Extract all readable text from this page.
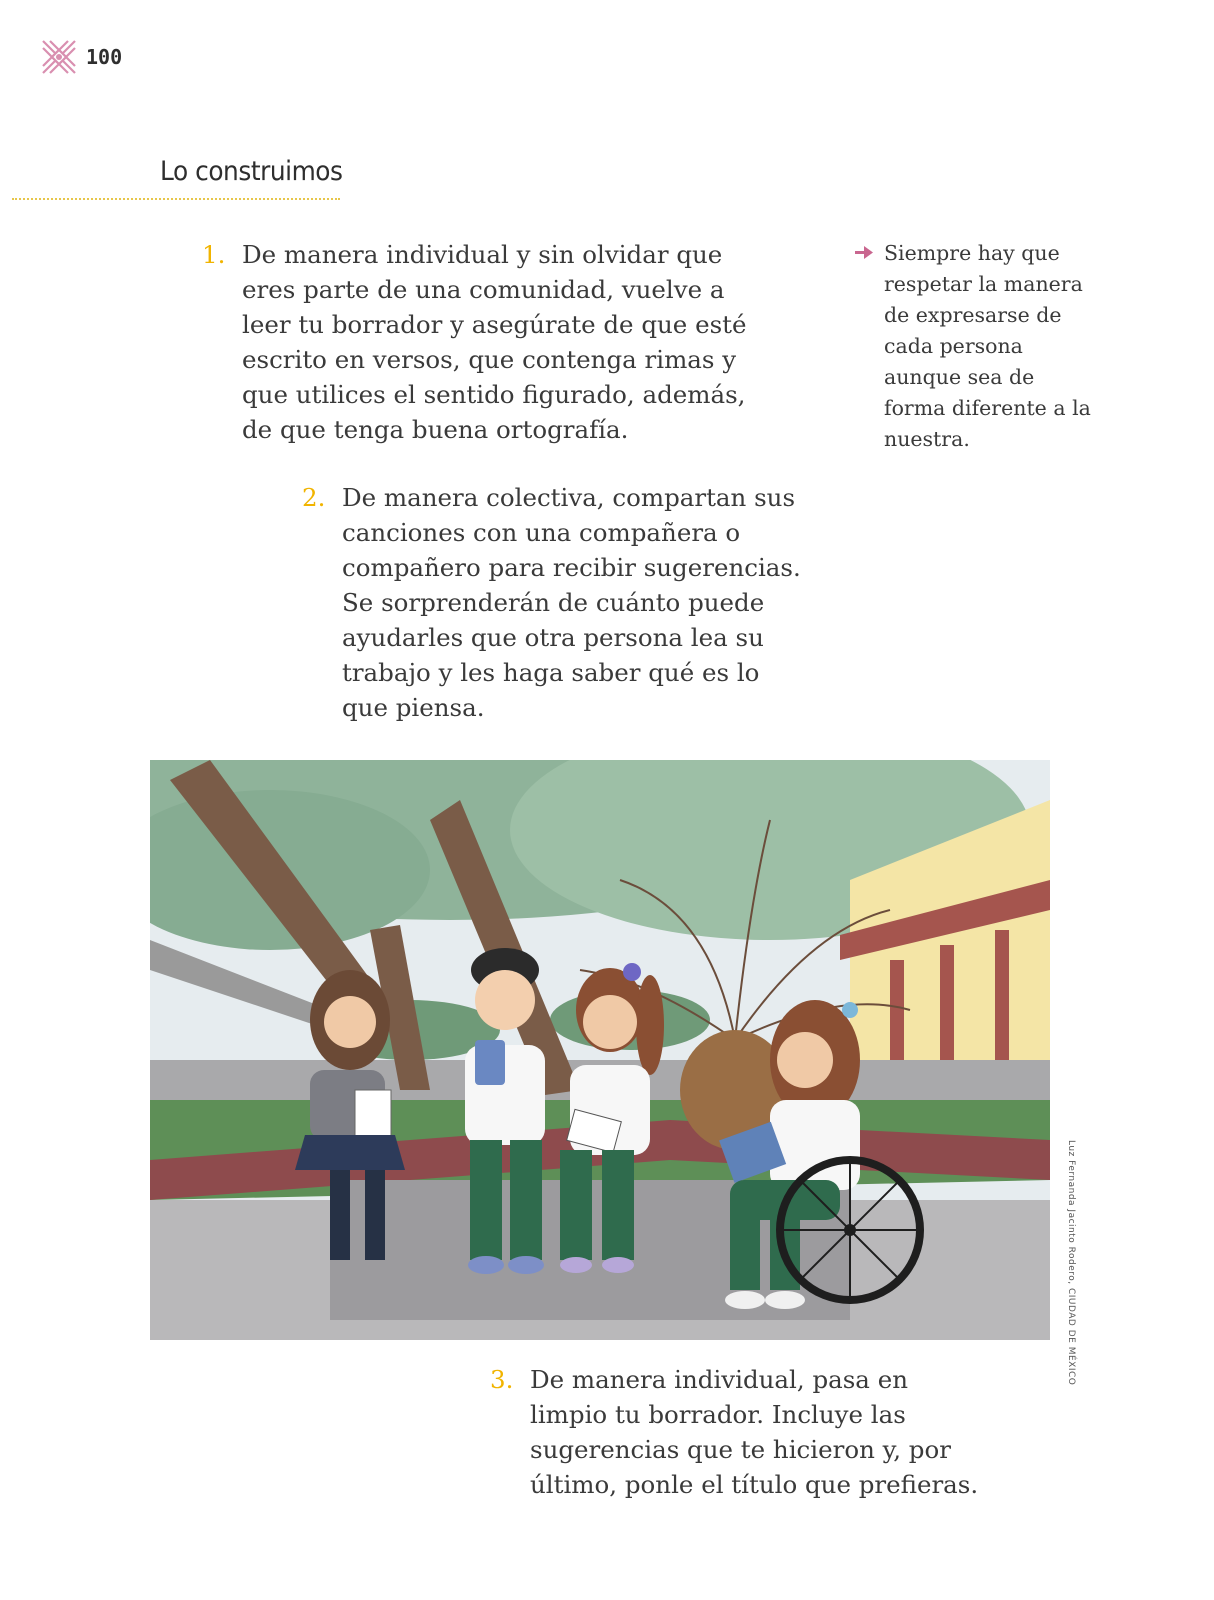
100
Lo construimos
1. De manera individual y sin olvidar que eres parte de una comunidad, vuelve a leer tu borrador y asegúrate de que esté escrito en versos, que contenga rimas y que utilices el sentido figurado, además, de que tenga buena ortografía.
Siempre hay que respetar la manera de expresarse de cada persona aunque sea de forma diferente a la nuestra.
2. De manera colectiva, compartan sus canciones con una compañera o compañero para recibir sugerencias. Se sorprenderán de cuánto puede ayudarles que otra persona lea su trabajo y les haga saber qué es lo que piensa.
Luz Fernanda Jacinto Rodero, CIUDAD DE MÉXICO
3. De manera individual, pasa en limpio tu borrador. Incluye las sugerencias que te hicieron y, por último, ponle el título que prefieras.
